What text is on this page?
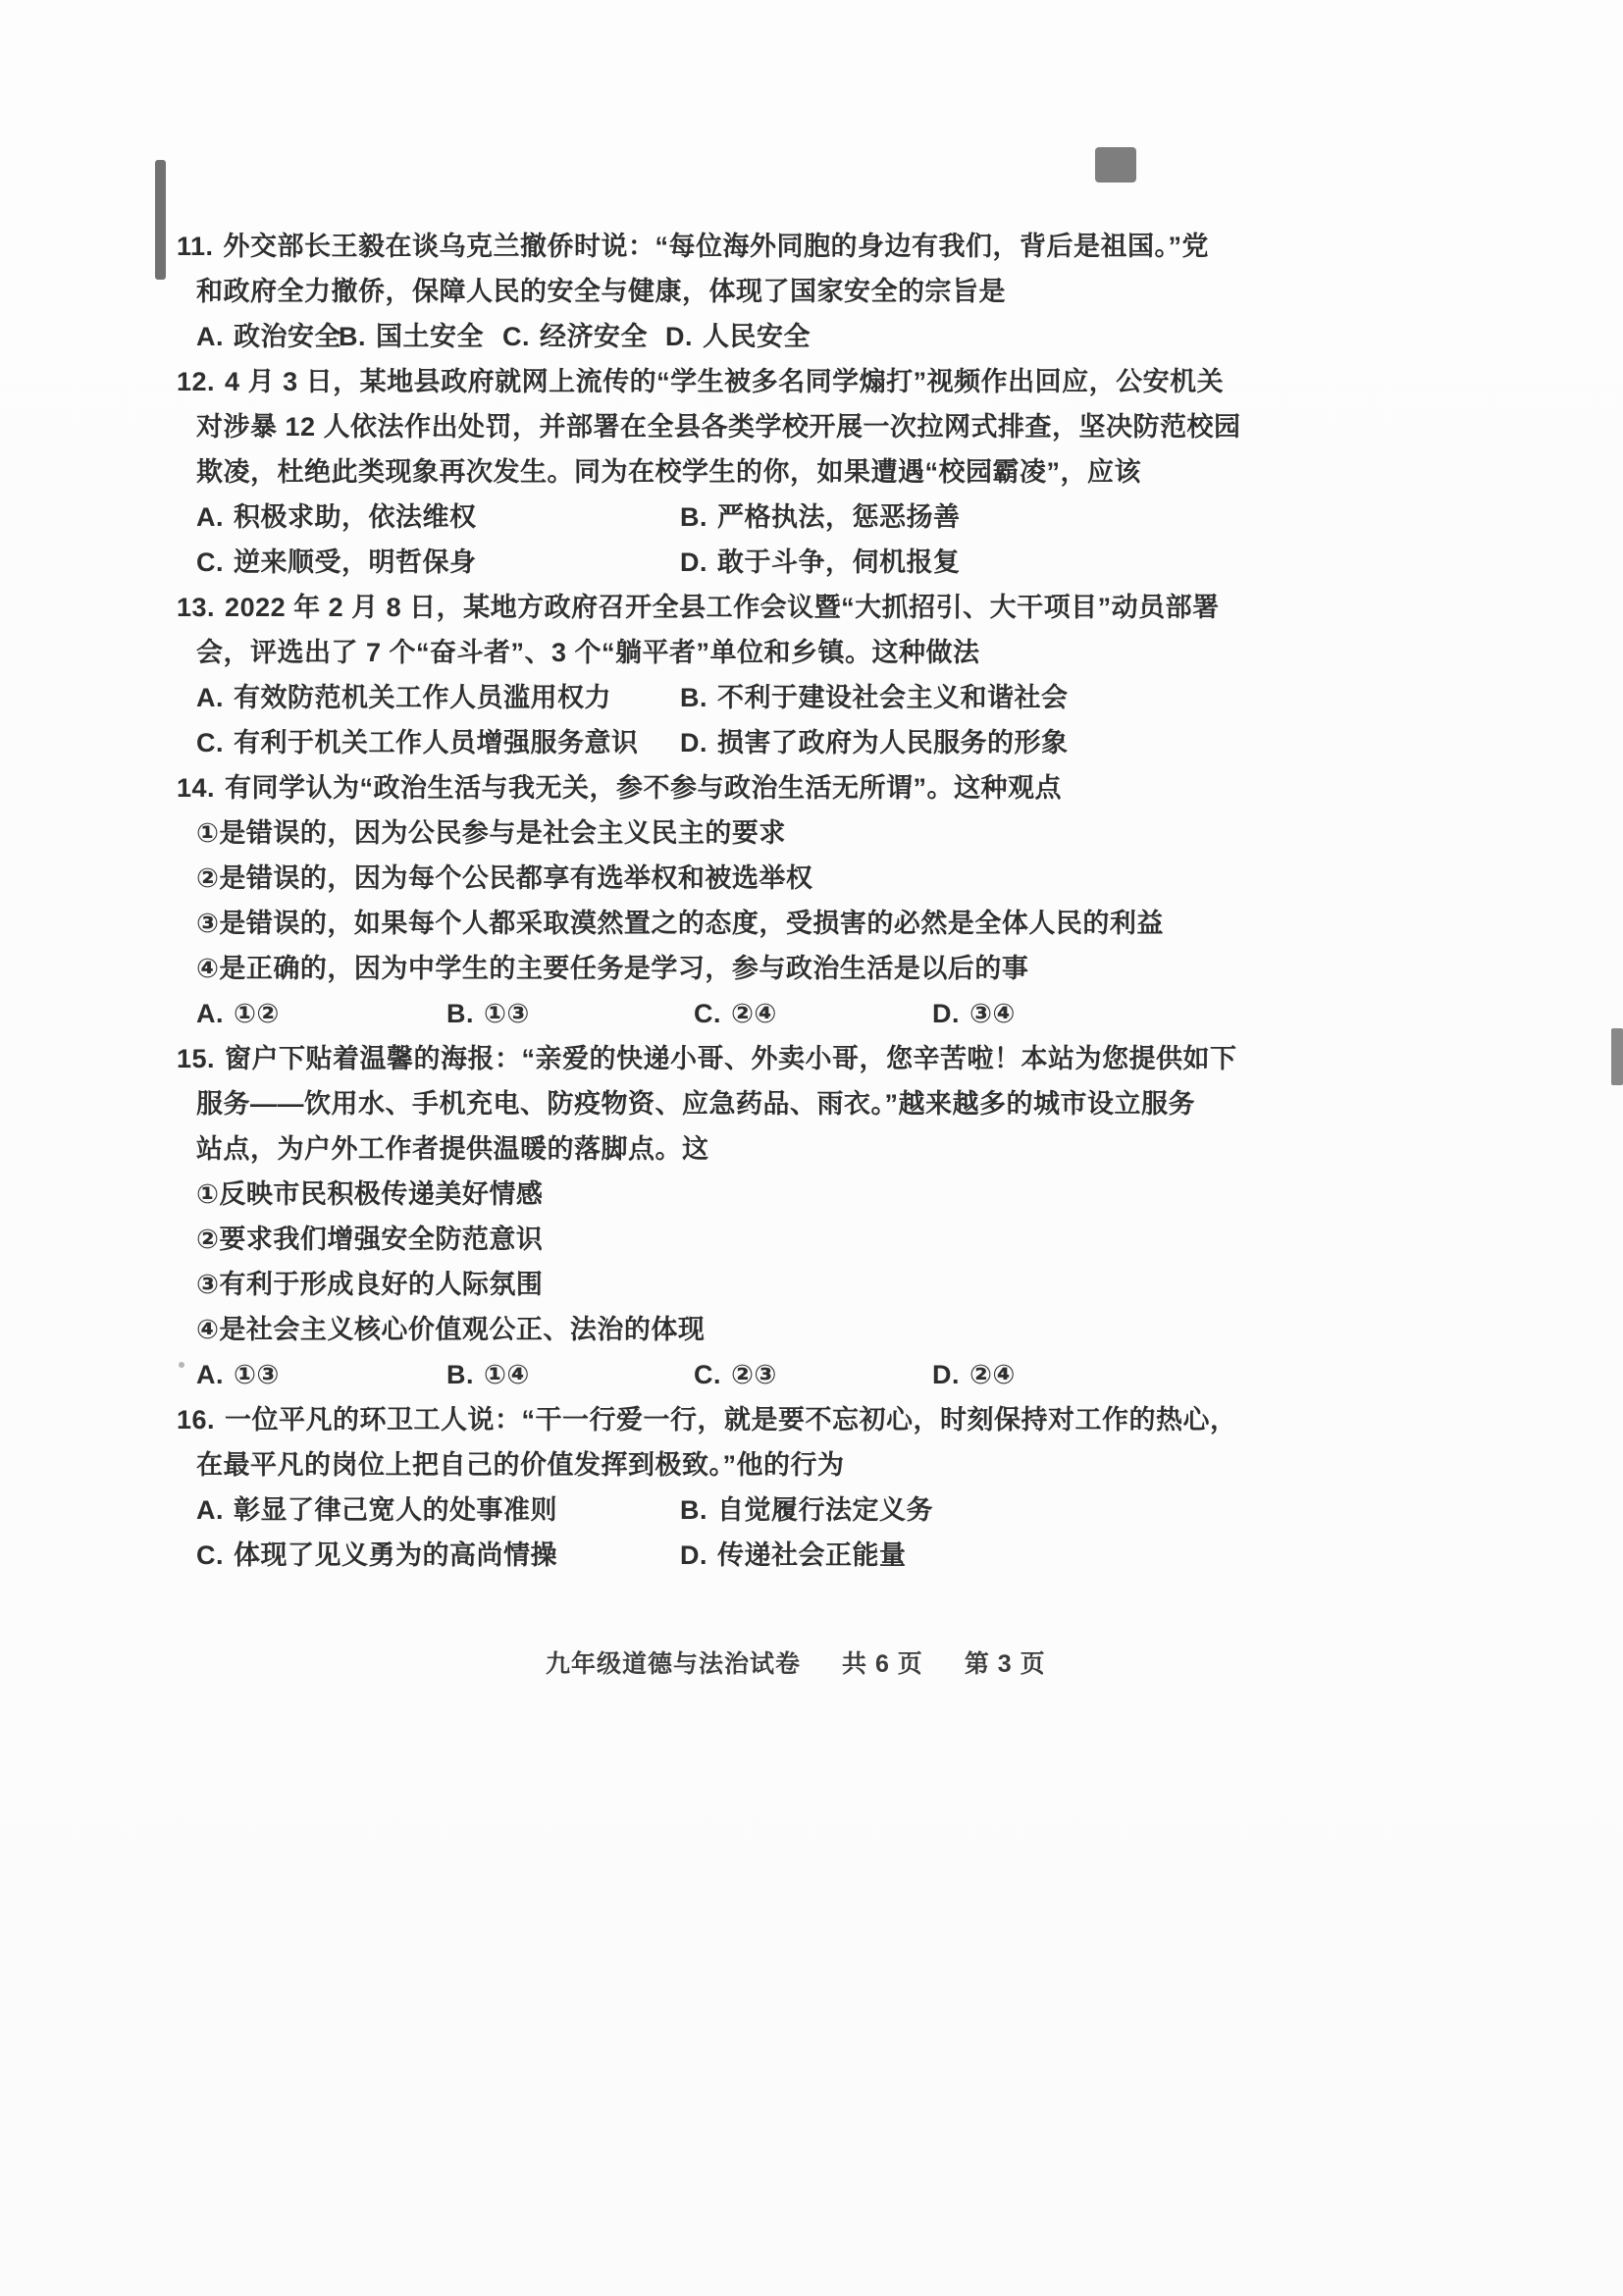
11. 外交部长王毅在谈乌克兰撤侨时说：“每位海外同胞的身边有我们，背后是祖国。”党
和政府全力撤侨，保障人民的安全与健康，体现了国家安全的宗旨是
A. 政治安全
B. 国土安全 C. 经济安全 D. 人民安全
12. 4 月 3 日，某地县政府就网上流传的“学生被多名同学煽打”视频作出回应，公安机关
对涉暴 12 人依法作出处罚，并部署在全县各类学校开展一次拉网式排查，坚决防范校园
欺凌，杜绝此类现象再次发生。同为在校学生的你，如果遭遇“校园霸凌”，应该
A. 积极求助，依法维权	B. 严格执法，惩恶扬善
C. 逆来顺受，明哲保身	D. 敢于斗争，伺机报复
13. 2022 年 2 月 8 日，某地方政府召开全县工作会议暨“大抓招引、大干项目”动员部署
会，评选出了 7 个“奋斗者”、3 个“躺平者”单位和乡镇。这种做法
A. 有效防范机关工作人员滥用权力	B. 不利于建设社会主义和谐社会
C. 有利于机关工作人员增强服务意识 D. 损害了政府为人民服务的形象
14. 有同学认为“政治生活与我无关，参不参与政治生活无所谓”。这种观点
①是错误的，因为公民参与是社会主义民主的要求
②是错误的，因为每个公民都享有选举权和被选举权
③是错误的，如果每个人都采取漠然置之的态度，受损害的必然是全体人民的利益
④是正确的，因为中学生的主要任务是学习，参与政治生活是以后的事
A. ①②	B. ①③	C. ②④	D. ③④
15. 窗户下贴着温馨的海报：“亲爱的快递小哥、外卖小哥，您辛苦啦！本站为您提供如下
服务——饮用水、手机充电、防疫物资、应急药品、雨衣。”越来越多的城市设立服务
站点，为户外工作者提供温暖的落脚点。这
①反映市民积极传递美好情感
②要求我们增强安全防范意识
③有利于形成良好的人际氛围
④是社会主义核心价值观公正、法治的体现
A. ①③	B. ①④	C. ②③	D. ②④
16. 一位平凡的环卫工人说：“干一行爱一行，就是要不忘初心，时刻保持对工作的热心，
在最平凡的岗位上把自己的价值发挥到极致。”他的行为
A. 彰显了律己宽人的处事准则	B. 自觉履行法定义务
C. 体现了见义勇为的高尚情操	D. 传递社会正能量
九年级道德与法治试卷 共 6 页 第 3 页
